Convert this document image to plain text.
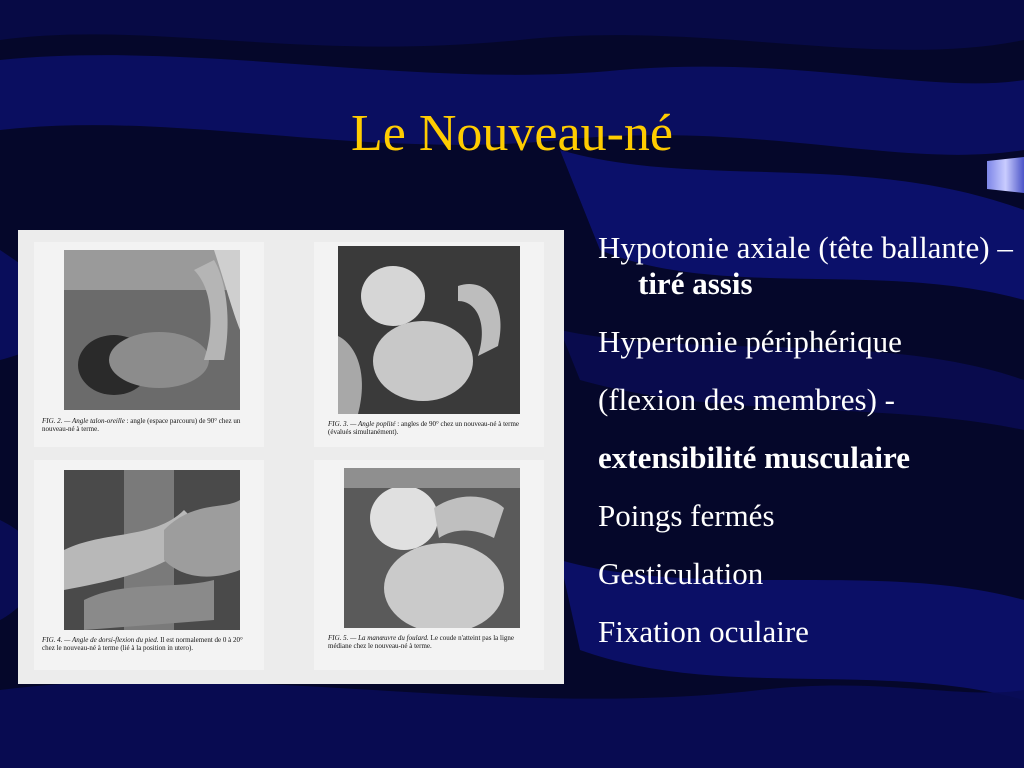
Le Nouveau-né
FIG. 2. — Angle talon-oreille : angle (espace parcouru) de 90° chez un nouveau-né à terme.
FIG. 3. — Angle poplité : angles de 90° chez un nouveau-né à terme (évalués simultanément).
FIG. 4. — Angle de dorsi-flexion du pied. Il est normalement de 0 à 20° chez le nouveau-né à terme (lié à la position in utero).
FIG. 5. — La manœuvre du foulard. Le coude n'atteint pas la ligne médiane chez le nouveau-né à terme.
Hypotonie axiale (tête ballante) – tiré assis
Hypertonie périphérique
(flexion des membres) -
extensibilité musculaire
Poings fermés
Gesticulation
Fixation oculaire
